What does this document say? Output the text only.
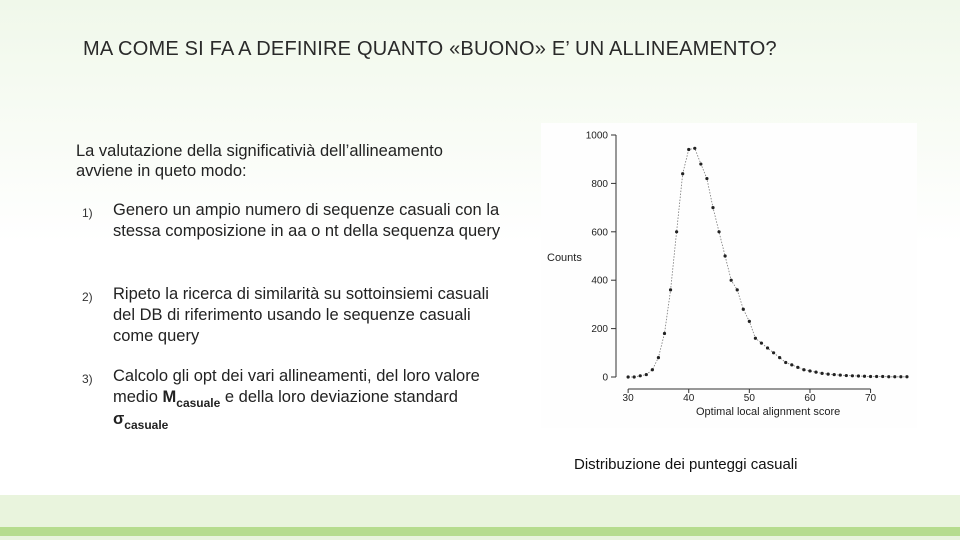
MA COME SI FA A DEFINIRE QUANTO «BUONO» E’ UN ALLINEAMENTO?
La valutazione della significativià dell’allineamento avviene in queto modo:
1) Genero un ampio numero di sequenze casuali con la stessa composizione in aa o nt della sequenza query
2) Ripeto la ricerca di similarità su sottoinsiemi casuali del DB di riferimento usando le sequenze casuali come query
3) Calcolo gli opt dei vari allineamenti, del loro valore medio $M_{casuale}$ e della loro deviazione standard $\sigma_{casuale}$
0
200
400
600
800
1000
30	40	50	60	70
Counts
Optimal local alignment score
Distribuzione dei punteggi casuali
